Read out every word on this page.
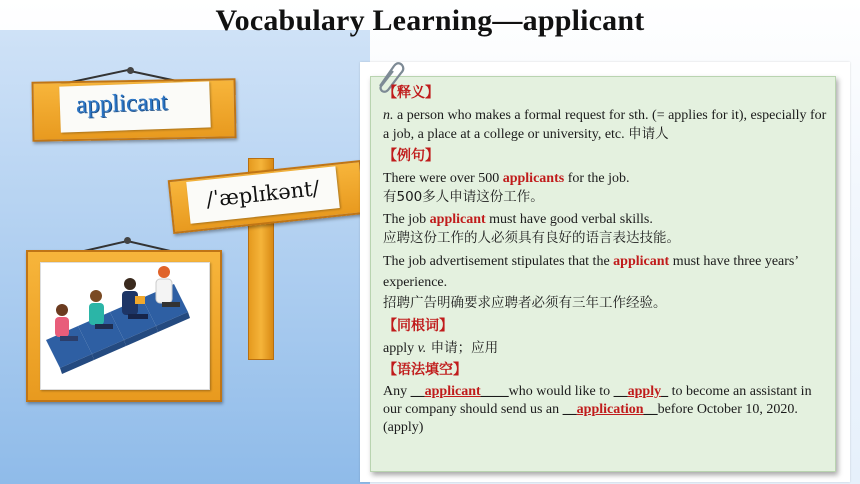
Vocabulary Learning—applicant
applicant
/ˈæplɪkənt/
【释义】
n. a person who makes a formal request for sth. (= applies for it), especially for a job, a place at a college or university, etc. 申请人
【例句】
There were over 500 applicants for the job.
有500多人申请这份工作。
The job applicant must have good verbal skills.
应聘这份工作的人必须具有良好的语言表达技能。
The job advertisement stipulates that the applicant must have three years’ experience.
招聘广告明确要求应聘者必须有三年工作经验。
【同根词】
apply v. 申请；应用
【语法填空】
Any __applicant____who would like to __apply_ to become an assistant in our company should send us an __application__before October 10, 2020. (apply)
